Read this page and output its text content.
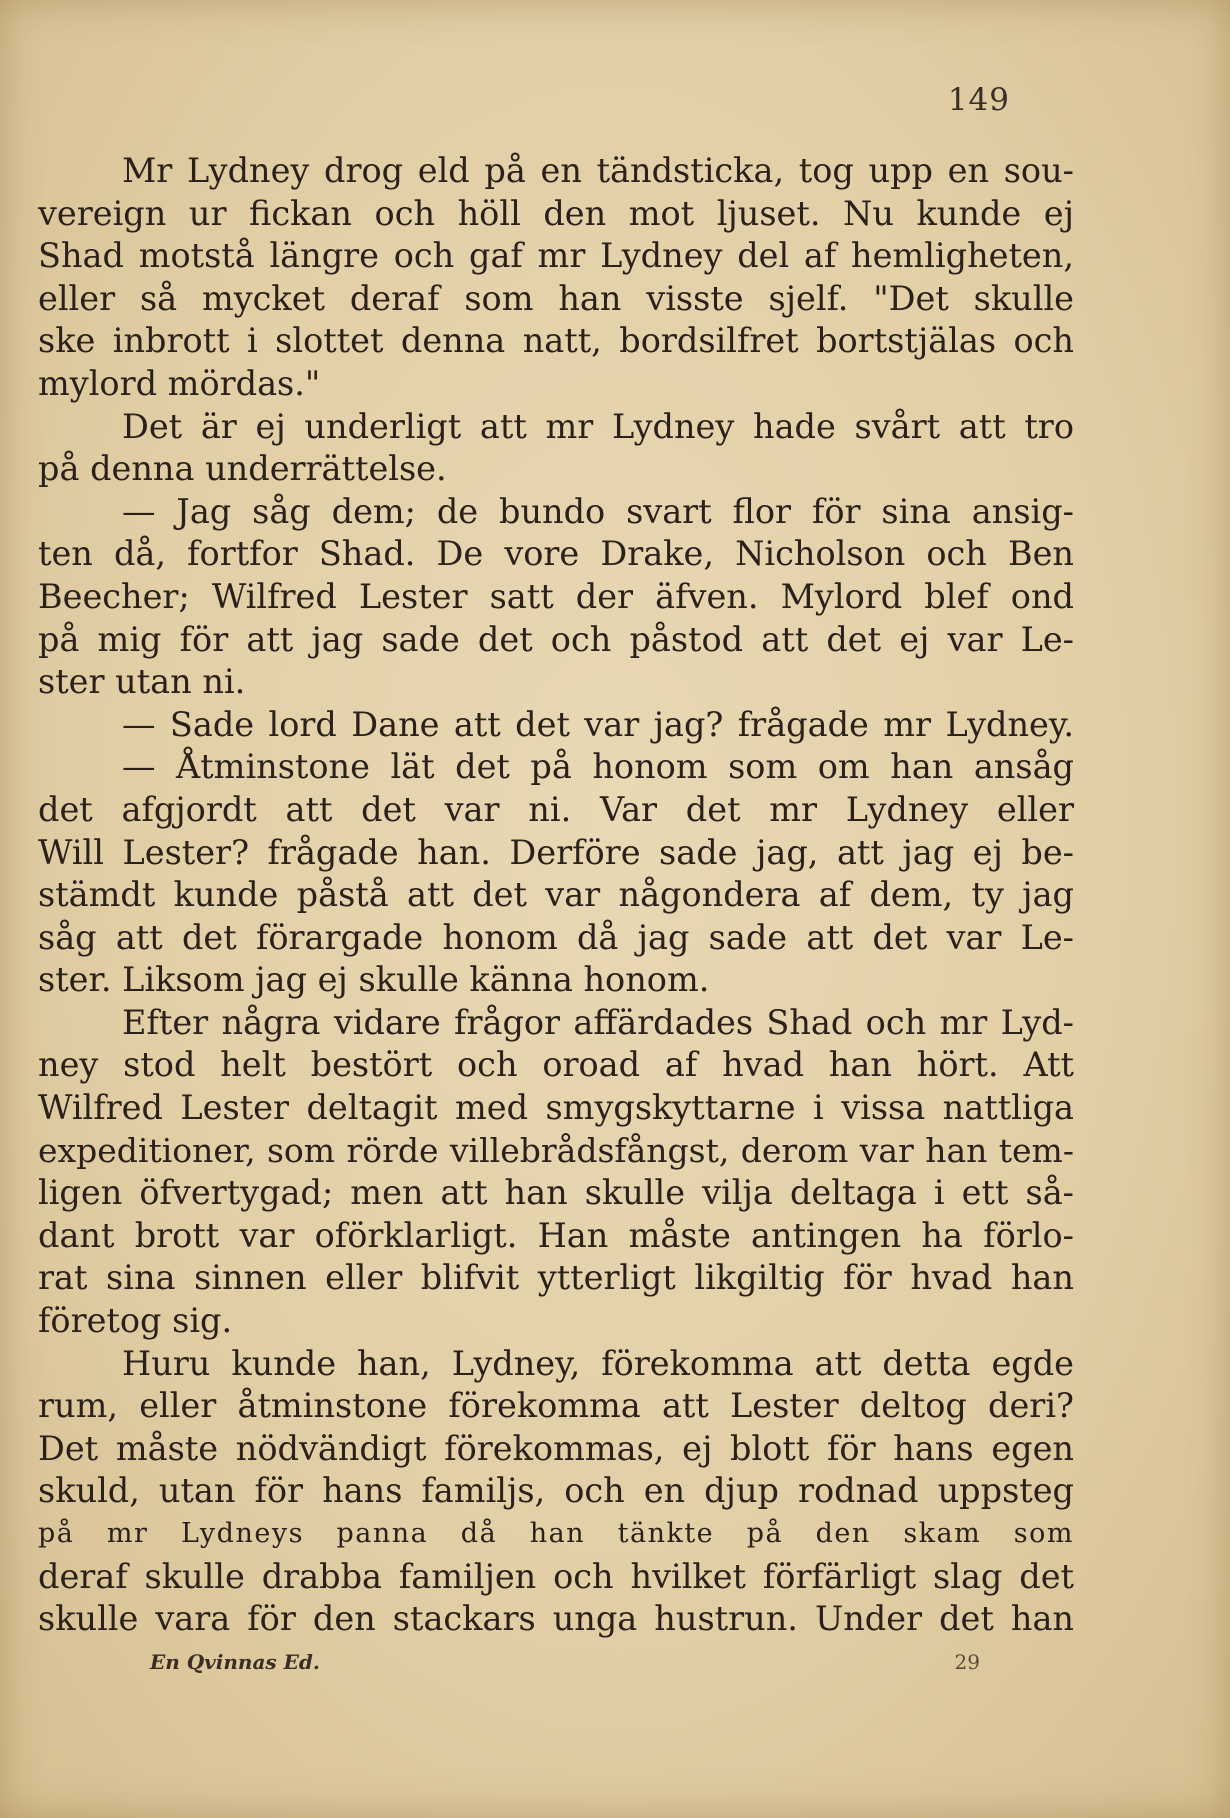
149
Mr Lydney drog eld på en tändsticka, tog upp en sou-
vereign ur fickan och höll den mot ljuset. Nu kunde ej
Shad motstå längre och gaf mr Lydney del af hemligheten,
eller så mycket deraf som han visste sjelf. "Det skulle
ske inbrott i slottet denna natt, bordsilfret bortstjälas och
mylord mördas."
Det är ej underligt att mr Lydney hade svårt att tro
på denna underrättelse.
— Jag såg dem; de bundo svart flor för sina ansig-
ten då, fortfor Shad. De vore Drake, Nicholson och Ben
Beecher; Wilfred Lester satt der äfven. Mylord blef ond
på mig för att jag sade det och påstod att det ej var Le-
ster utan ni.
— Sade lord Dane att det var jag? frågade mr Lydney.
— Åtminstone lät det på honom som om han ansåg
det afgjordt att det var ni. Var det mr Lydney eller
Will Lester? frågade han. Derföre sade jag, att jag ej be-
stämdt kunde påstå att det var någondera af dem, ty jag
såg att det förargade honom då jag sade att det var Le-
ster. Liksom jag ej skulle känna honom.
Efter några vidare frågor affärdades Shad och mr Lyd-
ney stod helt bestört och oroad af hvad han hört. Att
Wilfred Lester deltagit med smygskyttarne i vissa nattliga
expeditioner, som rörde villebrådsfångst, derom var han tem-
ligen öfvertygad; men att han skulle vilja deltaga i ett så-
dant brott var oförklarligt. Han måste antingen ha förlo-
rat sina sinnen eller blifvit ytterligt likgiltig för hvad han
företog sig.
Huru kunde han, Lydney, förekomma att detta egde
rum, eller åtminstone förekomma att Lester deltog deri?
Det måste nödvändigt förekommas, ej blott för hans egen
skuld, utan för hans familjs, och en djup rodnad uppsteg
på mr Lydneys panna då han tänkte på den skam som
deraf skulle drabba familjen och hvilket förfärligt slag det
skulle vara för den stackars unga hustrun. Under det han
En Qvinnas Ed.	29
